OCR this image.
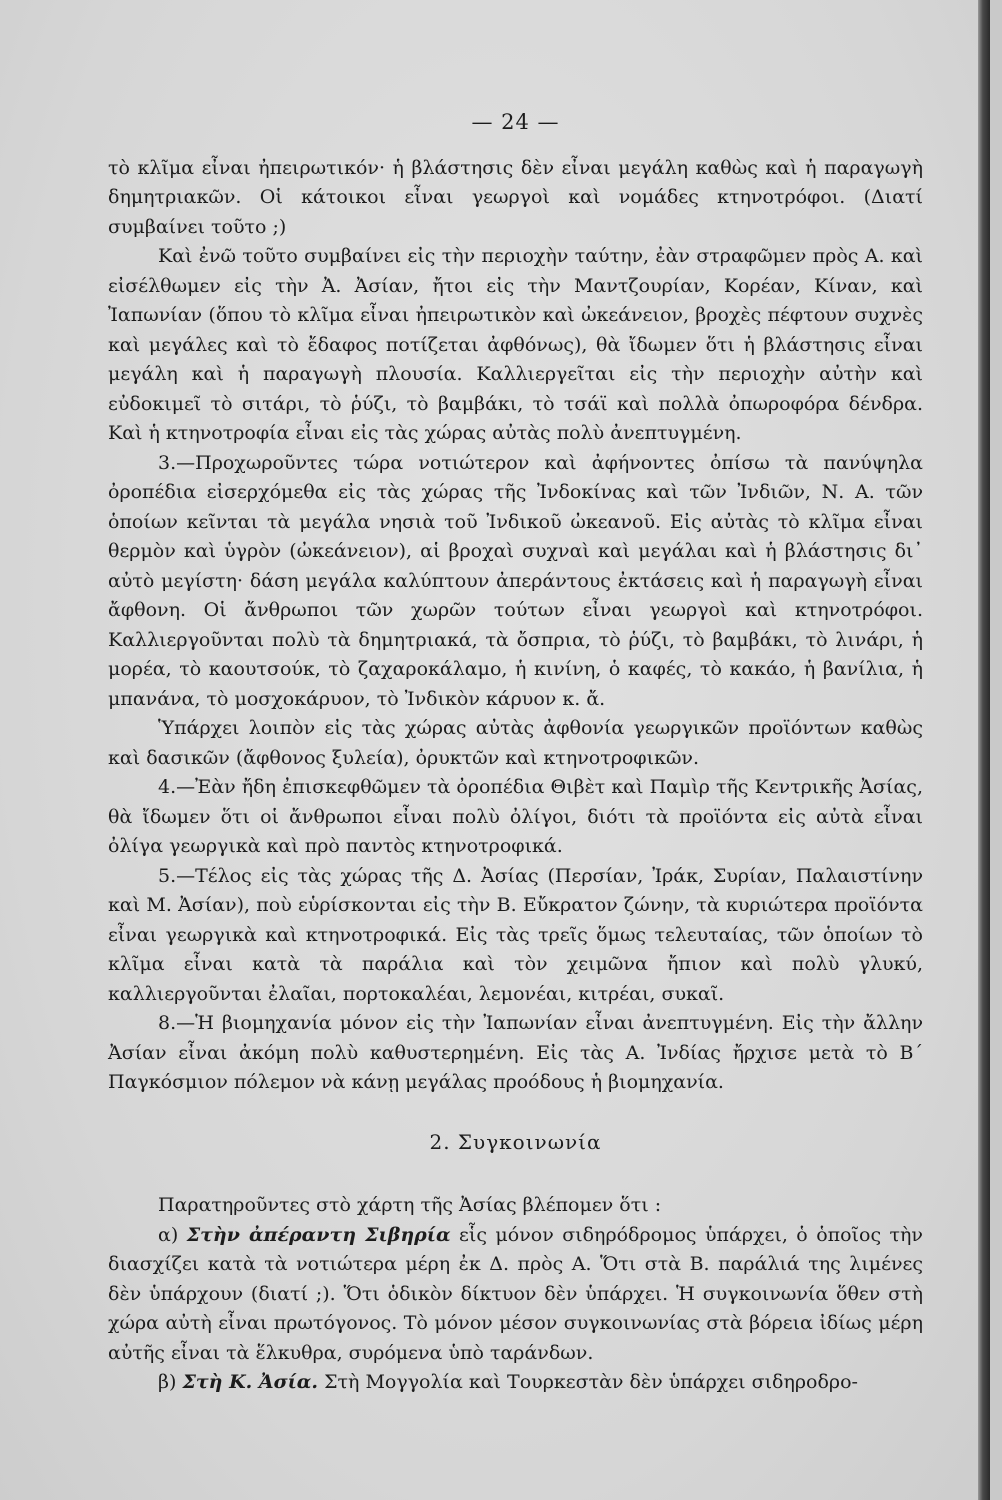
— 24 —

τὸ κλῖμα εἶναι ἠπειρωτικόν· ἡ βλάστησις δὲν εἶναι μεγάλη καθὼς καὶ ἡ παραγωγὴ δημητριακῶν. Οἱ κάτοικοι εἶναι γεωργοὶ καὶ νομάδες κτηνοτρόφοι. (Διατί συμβαίνει τοῦτο ;)

Καὶ ἐνῶ τοῦτο συμβαίνει εἰς τὴν περιοχὴν ταύτην, ἐὰν στραφῶμεν πρὸς Α. καὶ εἰσέλθωμεν εἰς τὴν Ἀ. Ἀσίαν, ἤτοι εἰς τὴν Μαντζουρίαν, Κορέαν, Κίναν, καὶ Ἰαπωνίαν (ὅπου τὸ κλῖμα εἶναι ἠπειρωτικὸν καὶ ὠκεάνειον, βροχὲς πέφτουν συχνὲς καὶ μεγάλες καὶ τὸ ἔδαφος ποτίζεται ἀφθόνως), θὰ ἴδωμεν ὅτι ἡ βλάστησις εἶναι μεγάλη καὶ ἡ παραγωγὴ πλουσία. Καλλιεργεῖται εἰς τὴν περιοχὴν αὐτὴν καὶ εὐδοκιμεῖ τὸ σιτάρι, τὸ ῥύζι, τὸ βαμβάκι, τὸ τσάϊ καὶ πολλὰ ὀπωροφόρα δένδρα. Καὶ ἡ κτηνοτροφία εἶναι εἰς τὰς χώρας αὐτὰς πολὺ ἀνεπτυγμένη.

3.—Προχωροῦντες τώρα νοτιώτερον καὶ ἀφήνοντες ὀπίσω τὰ πανύψηλα ὀροπέδια εἰσερχόμεθα εἰς τὰς χώρας τῆς Ἰνδοκίνας καὶ τῶν Ἰνδιῶν, Ν. Α. τῶν ὁποίων κεῖνται τὰ μεγάλα νησιὰ τοῦ Ἰνδικοῦ ὠκεανοῦ. Εἰς αὐτὰς τὸ κλῖμα εἶναι θερμὸν καὶ ὑγρὸν (ὠκεάνειον), αἱ βροχαὶ συχναὶ καὶ μεγάλαι καὶ ἡ βλάστησις δι᾿ αὐτὸ μεγίστη· δάση μεγάλα καλύπτουν ἀπεράντους ἐκτάσεις καὶ ἡ παραγωγὴ εἶναι ἄφθονη. Οἱ ἄνθρωποι τῶν χωρῶν τούτων εἶναι γεωργοὶ καὶ κτηνοτρόφοι. Καλλιεργοῦνται πολὺ τὰ δημητριακά, τὰ ὄσπρια, τὸ ῥύζι, τὸ βαμβάκι, τὸ λινάρι, ἡ μορέα, τὸ καουτσούκ, τὸ ζαχαροκάλαμο, ἡ κινίνη, ὁ καφές, τὸ κακάο, ἡ βανίλια, ἡ μπανάνα, τὸ μοσχοκάρυον, τὸ Ἰνδικὸν κάρυον κ. ἄ.

Ὑπάρχει λοιπὸν εἰς τὰς χώρας αὐτὰς ἀφθονία γεωργικῶν προϊόντων καθὼς καὶ δασικῶν (ἄφθονος ξυλεία), ὀρυκτῶν καὶ κτηνοτροφικῶν.

4.—Ἐὰν ἤδη ἐπισκεφθῶμεν τὰ ὀροπέδια Θιβὲτ καὶ Παμὶρ τῆς Κεντρικῆς Ἀσίας, θὰ ἴδωμεν ὅτι οἱ ἄνθρωποι εἶναι πολὺ ὀλίγοι, διότι τὰ προϊόντα εἰς αὐτὰ εἶναι ὀλίγα γεωργικὰ καὶ πρὸ παντὸς κτηνοτροφικά.

5.—Τέλος εἰς τὰς χώρας τῆς Δ. Ἀσίας (Περσίαν, Ἰράκ, Συρίαν, Παλαιστίνην καὶ Μ. Ἀσίαν), ποὺ εὑρίσκονται εἰς τὴν Β. Εὔκρατον ζώνην, τὰ κυριώτερα προϊόντα εἶναι γεωργικὰ καὶ κτηνοτροφικά. Εἰς τὰς τρεῖς ὅμως τελευταίας, τῶν ὁποίων τὸ κλῖμα εἶναι κατὰ τὰ παράλια καὶ τὸν χειμῶνα ἤπιον καὶ πολὺ γλυκύ, καλλιεργοῦνται ἐλαῖαι, πορτοκαλέαι, λεμονέαι, κιτρέαι, συκαῖ.

8.—Ἡ βιομηχανία μόνον εἰς τὴν Ἰαπωνίαν εἶναι ἀνεπτυγμένη. Εἰς τὴν ἄλλην Ἀσίαν εἶναι ἀκόμη πολὺ καθυστερημένη. Εἰς τὰς Α. Ἰνδίας ἤρχισε μετὰ τὸ Β΄ Παγκόσμιον πόλεμον νὰ κάνῃ μεγάλας προόδους ἡ βιομηχανία.

2. Συγκοινωνία

Παρατηροῦντες στὸ χάρτη τῆς Ἀσίας βλέπομεν ὅτι :

α) Στὴν ἀπέραντη Σιβηρία εἷς μόνον σιδηρόδρομος ὑπάρχει, ὁ ὁποῖος τὴν διασχίζει κατὰ τὰ νοτιώτερα μέρη ἐκ Δ. πρὸς Α. Ὅτι στὰ Β. παράλιά της λιμένες δὲν ὑπάρχουν (διατί ;). Ὅτι ὁδικὸν δίκτυον δὲν ὑπάρχει. Ἡ συγκοινωνία ὅθεν στὴ χώρα αὐτὴ εἶναι πρωτόγονος. Τὸ μόνον μέσον συγκοινωνίας στὰ βόρεια ἰδίως μέρη αὐτῆς εἶναι τὰ ἕλκυθρα, συρόμενα ὑπὸ ταράνδων.

β) Στὴ Κ. Ἀσία. Στὴ Μογγολία καὶ Τουρκεστὰν δὲν ὑπάρχει σιδηροδρο-
